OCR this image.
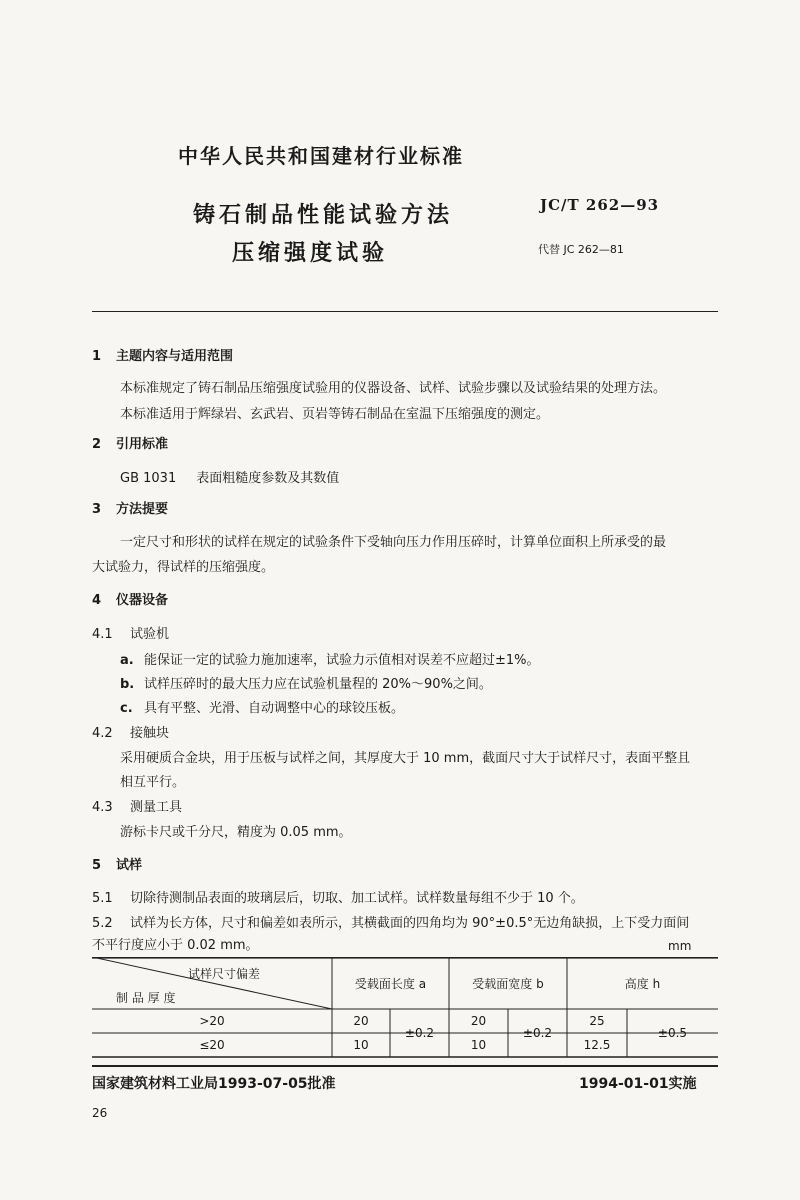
中华人民共和国建材行业标准
铸石制品性能试验方法
压缩强度试验
JC/T 262—93
代替 JC 262—81
1 主题内容与适用范围
本标准规定了铸石制品压缩强度试验用的仪器设备、试样、试验步骤以及试验结果的处理方法。
本标准适用于辉绿岩、玄武岩、页岩等铸石制品在室温下压缩强度的测定。
2 引用标准
GB 1031 表面粗糙度参数及其数值
3 方法提要
一定尺寸和形状的试样在规定的试验条件下受轴向压力作用压碎时，计算单位面积上所承受的最
大试验力，得试样的压缩强度。
4 仪器设备
4.1 试验机
a. 能保证一定的试验力施加速率，试验力示值相对误差不应超过±1%。
b. 试样压碎时的最大压力应在试验机量程的 20%～90%之间。
c. 具有平整、光滑、自动调整中心的球铰压板。
4.2 接触块
采用硬质合金块，用于压板与试样之间，其厚度大于 10 mm，截面尺寸大于试样尺寸，表面平整且
相互平行。
4.3 测量工具
游标卡尺或千分尺，精度为 0.05 mm。
5 试样
5.1 切除待测制品表面的玻璃层后，切取、加工试样。试样数量每组不少于 10 个。
5.2 试样为长方体，尺寸和偏差如表所示，其横截面的四角均为 90°±0.5°无边角缺损，上下受力面间
不平行度应小于 0.02 mm。	mm
试样尺寸偏差
制 品 厚 度
受载面长度 a	受载面宽度 b	高度 h
>20	20	20	25
≤20	10	10	12.5
±0.2	±0.2	±0.5
国家建筑材料工业局1993-07-05批准	1994-01-01实施
26
